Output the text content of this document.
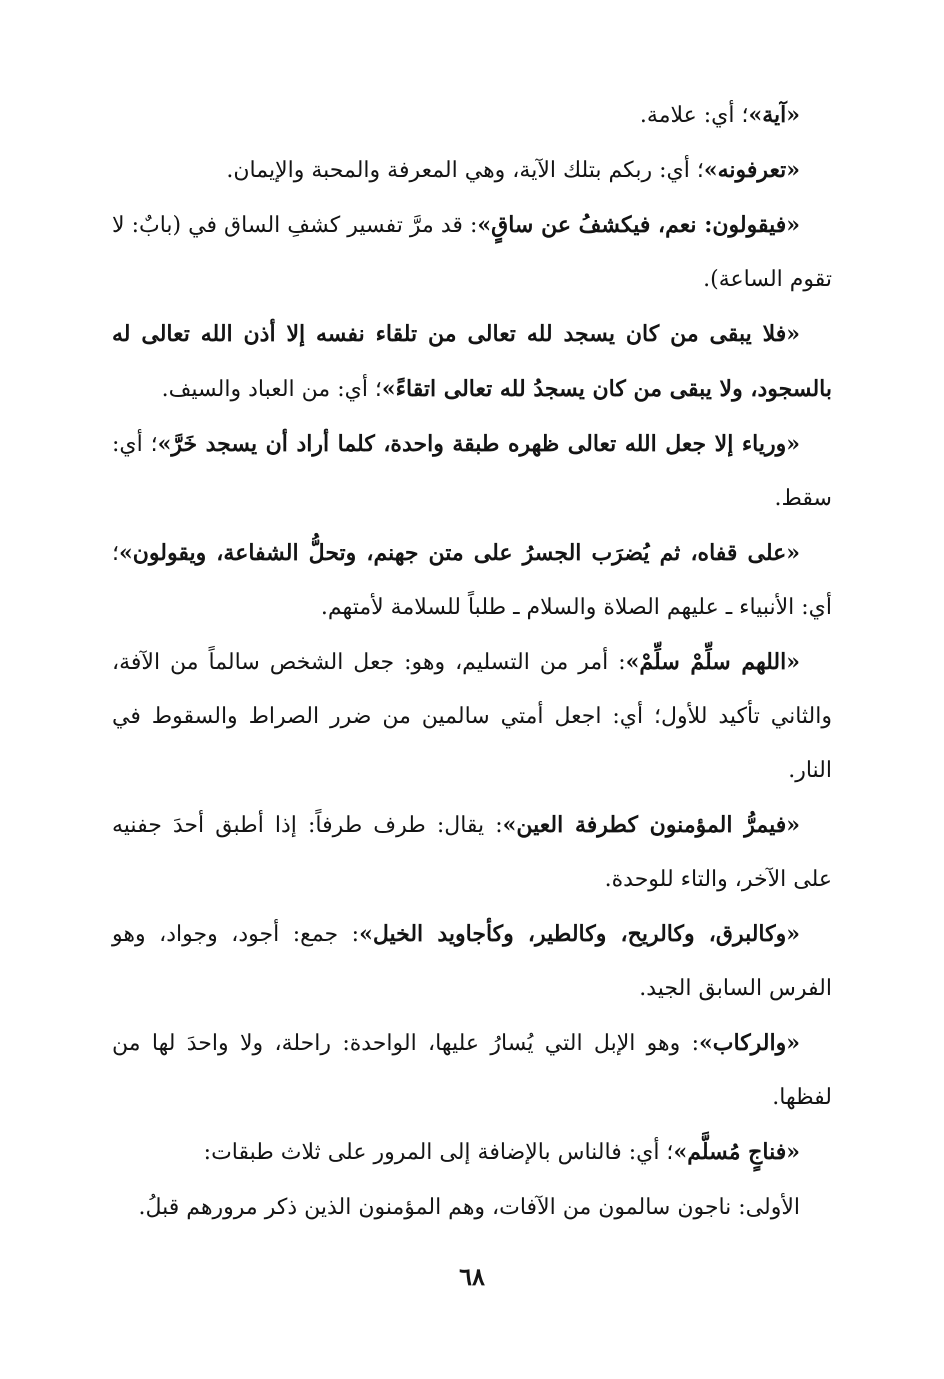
«آية»؛ أي: علامة.

«تعرفونه»؛ أي: ربكم بتلك الآية، وهي المعرفة والمحبة والإيمان.

«فيقولون: نعم، فيكشفُ عن ساقٍ»: قد مرَّ تفسير كشفِ الساق في (بابٌ: لا تقوم الساعة).

«فلا يبقى من كان يسجد لله تعالى من تلقاء نفسه إلا أذن الله تعالى له بالسجود، ولا يبقى من كان يسجدُ لله تعالى اتقاءً»؛ أي: من العباد والسيف.

«ورياء إلا جعل الله تعالى ظهره طبقة واحدة، كلما أراد أن يسجد خَرَّ»؛ أي: سقط.

«على قفاه، ثم يُضرَب الجسرُ على متن جهنم، وتحلُّ الشفاعة، ويقولون»؛ أي: الأنبياء ـ عليهم الصلاة والسلام ـ طلباً للسلامة لأمتهم.

«اللهم سلِّمْ سلِّمْ»: أمر من التسليم، وهو: جعل الشخص سالماً من الآفة، والثاني تأكيد للأول؛ أي: اجعل أمتي سالمين من ضرر الصراط والسقوط في النار.

«فيمرُّ المؤمنون كطرفة العين»: يقال: طرف طرفاً: إذا أطبق أحدَ جفنيه على الآخر، والتاء للوحدة.

«وكالبرق، وكالريح، وكالطير، وكأجاويد الخيل»: جمع: أجود، وجواد، وهو الفرس السابق الجيد.

«والركاب»: وهو الإبل التي يُسارُ عليها، الواحدة: راحلة، ولا واحدَ لها من لفظها.

«فناجٍ مُسلَّم»؛ أي: فالناس بالإضافة إلى المرور على ثلاث طبقات:

الأولى: ناجون سالمون من الآفات، وهم المؤمنون الذين ذكر مرورهم قبلُ.

٦٨
